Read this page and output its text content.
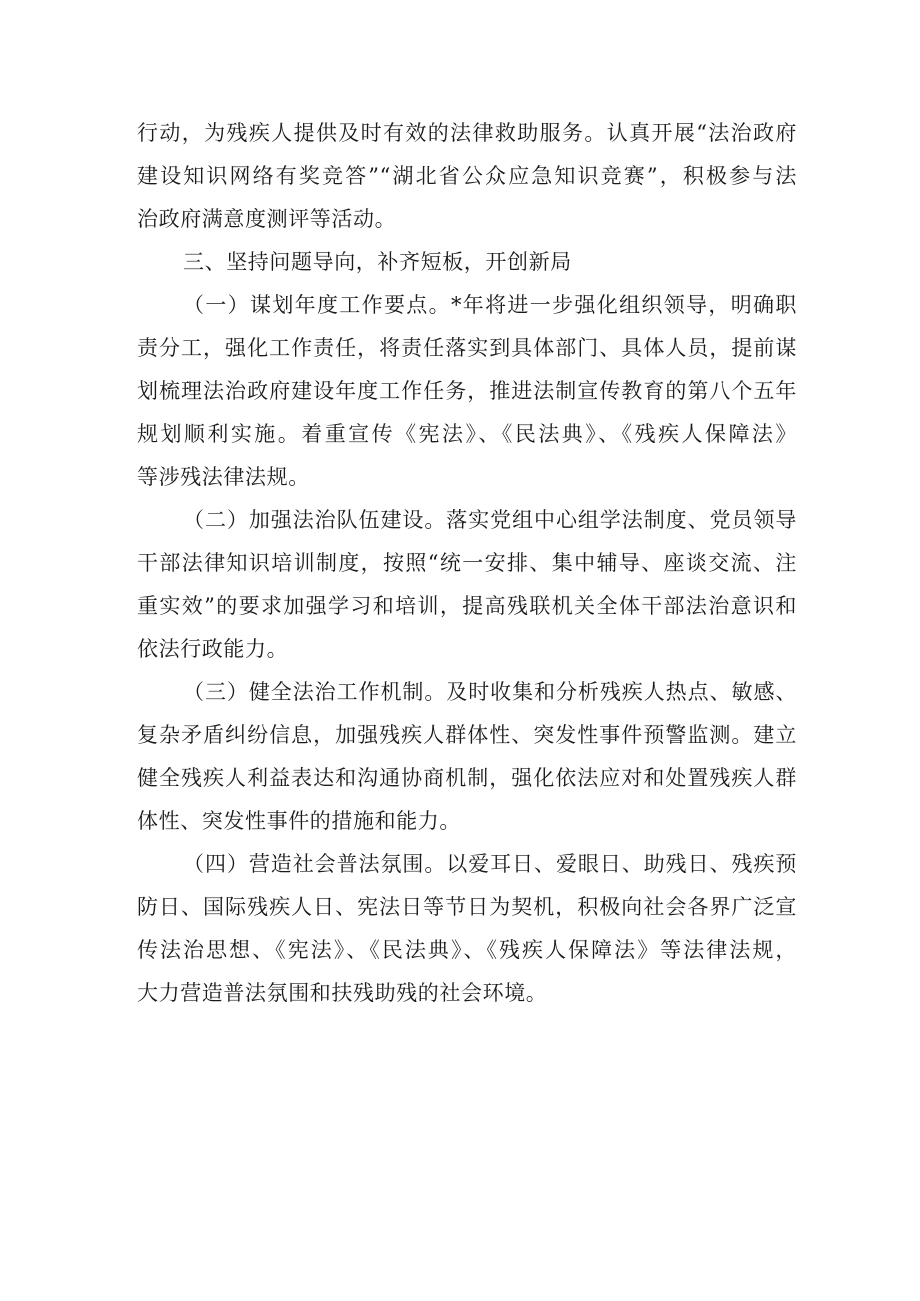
行动，为残疾人提供及时有效的法律救助服务。认真开展“法治政府
建设知识网络有奖竞答”“湖北省公众应急知识竞赛”，积极参与法
治政府满意度测评等活动。
三、坚持问题导向，补齐短板，开创新局
（一）谋划年度工作要点。*年将进一步强化组织领导，明确职
责分工，强化工作责任，将责任落实到具体部门、具体人员，提前谋
划梳理法治政府建设年度工作任务，推进法制宣传教育的第八个五年
规划顺利实施。着重宣传《宪法》、《民法典》、《残疾人保障法》
等涉残法律法规。
（二）加强法治队伍建设。落实党组中心组学法制度、党员领导
干部法律知识培训制度，按照“统一安排、集中辅导、座谈交流、注
重实效”的要求加强学习和培训，提高残联机关全体干部法治意识和
依法行政能力。
（三）健全法治工作机制。及时收集和分析残疾人热点、敏感、
复杂矛盾纠纷信息，加强残疾人群体性、突发性事件预警监测。建立
健全残疾人利益表达和沟通协商机制，强化依法应对和处置残疾人群
体性、突发性事件的措施和能力。
（四）营造社会普法氛围。以爱耳日、爱眼日、助残日、残疾预
防日、国际残疾人日、宪法日等节日为契机，积极向社会各界广泛宣
传法治思想、《宪法》、《民法典》、《残疾人保障法》等法律法规，
大力营造普法氛围和扶残助残的社会环境。
